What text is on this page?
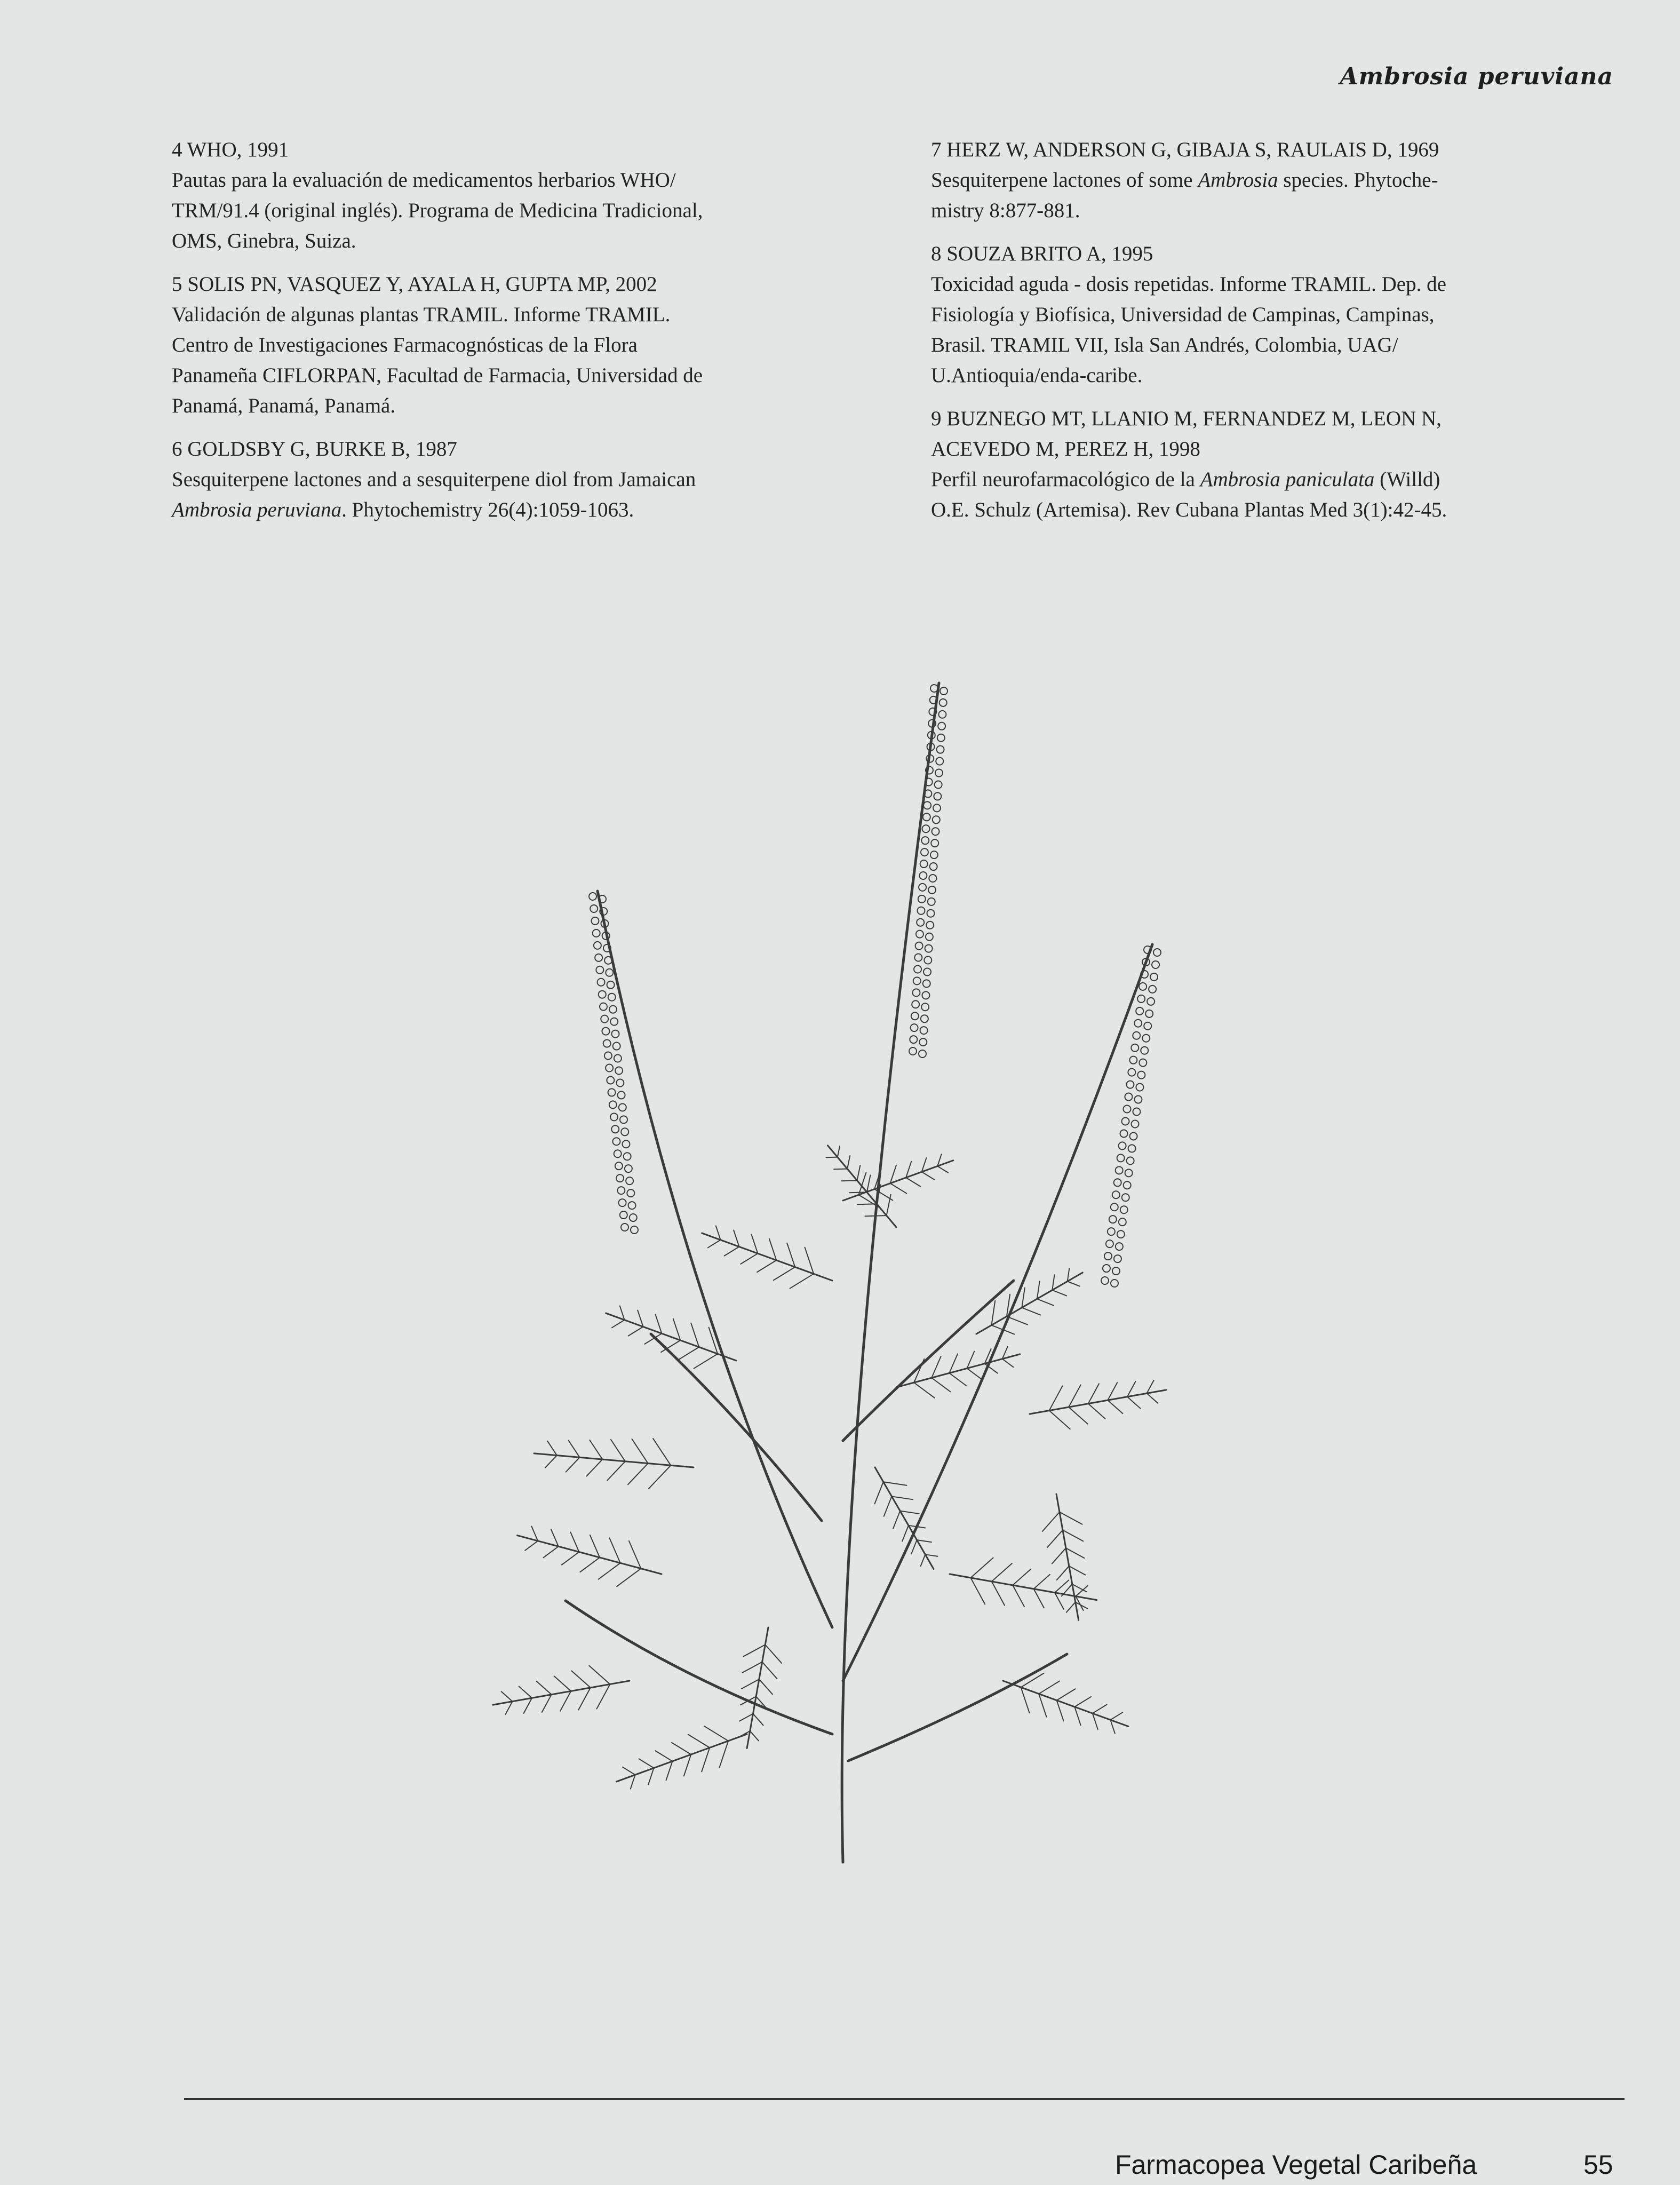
Ambrosia peruviana
4 WHO, 1991
Pautas para la evaluación de medicamentos herbarios WHO/
TRM/91.4 (original inglés). Programa de Medicina Tradicional,
OMS, Ginebra, Suiza.
5 SOLIS PN, VASQUEZ Y, AYALA H, GUPTA MP, 2002
Validación de algunas plantas TRAMIL. Informe TRAMIL.
Centro de Investigaciones Farmacognósticas de la Flora
Panameña CIFLORPAN, Facultad de Farmacia, Universidad de
Panamá, Panamá, Panamá.
6 GOLDSBY G, BURKE B, 1987
Sesquiterpene lactones and a sesquiterpene diol from Jamaican
Ambrosia peruviana. Phytochemistry 26(4):1059-1063.
7 HERZ W, ANDERSON G, GIBAJA S, RAULAIS D, 1969
Sesquiterpene lactones of some Ambrosia species. Phytoche-
mistry 8:877-881.
8 SOUZA BRITO A, 1995
Toxicidad aguda - dosis repetidas. Informe TRAMIL. Dep. de
Fisiología y Biofísica, Universidad de Campinas, Campinas,
Brasil. TRAMIL VII, Isla San Andrés, Colombia, UAG/
U.Antioquia/enda-caribe.
9 BUZNEGO MT, LLANIO M, FERNANDEZ M, LEON N,
ACEVEDO M, PEREZ H, 1998
Perfil neurofarmacológico de la Ambrosia paniculata (Willd)
O.E. Schulz (Artemisa). Rev Cubana Plantas Med 3(1):42-45.
Farmacopea Vegetal Caribeña	55
